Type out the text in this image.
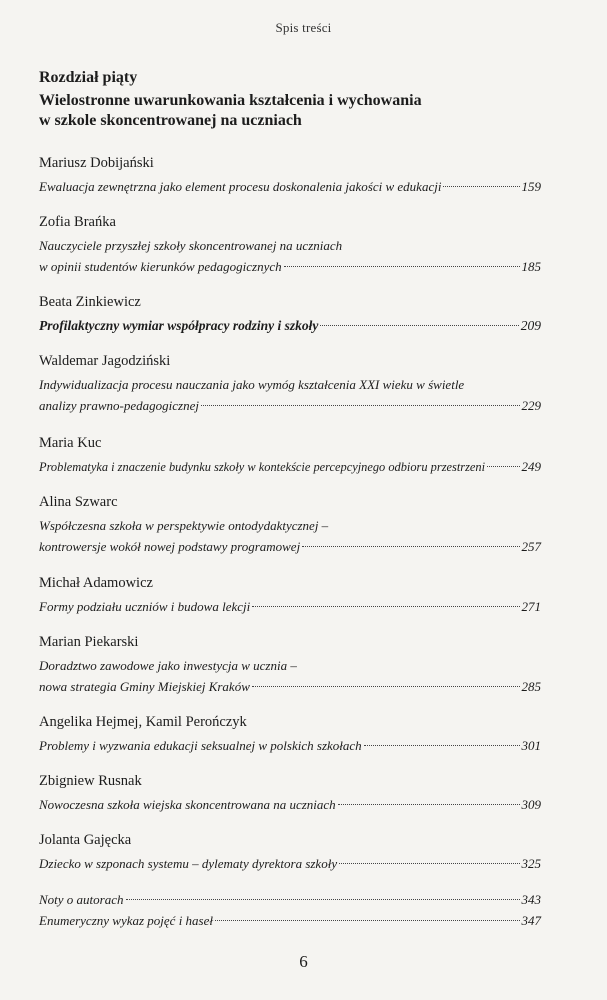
Spis treści

Rozdział piąty

Wielostronne uwarunkowania kształcenia i wychowania

w szkole skoncentrowanej na uczniach

Mariusz Dobijański
Ewaluacja zewnętrzna jako element procesu doskonalenia jakości w edukacji	159
Zofia Brańka
Nauczyciele przyszłej szkoły skoncentrowanej na uczniach
w opinii studentów kierunków pedagogicznych	185
Beata Zinkiewicz
Profilaktyczny wymiar współpracy rodziny i szkoły	209
Waldemar Jagodziński
Indywidualizacja procesu nauczania jako wymóg kształcenia XXI wieku w świetle
analizy prawno-pedagogicznej	229
Maria Kuc
Problematyka i znaczenie budynku szkoły w kontekście percepcyjnego odbioru przestrzeni	249
Alina Szwarc
Współczesna szkoła w perspektywie ontodydaktycznej –
kontrowersje wokół nowej podstawy programowej	257
Michał Adamowicz
Formy podziału uczniów i budowa lekcji	271
Marian Piekarski
Doradztwo zawodowe jako inwestycja w ucznia –
nowa strategia Gminy Miejskiej Kraków	285
Angelika Hejmej, Kamil Perończyk
Problemy i wyzwania edukacji seksualnej w polskich szkołach	301
Zbigniew Rusnak
Nowoczesna szkoła wiejska skoncentrowana na uczniach	309
Jolanta Gajęcka
Dziecko w szponach systemu – dylematy dyrektora szkoły	325
Noty o autorach	343
Enumeryczny wykaz pojęć i haseł	347
6
